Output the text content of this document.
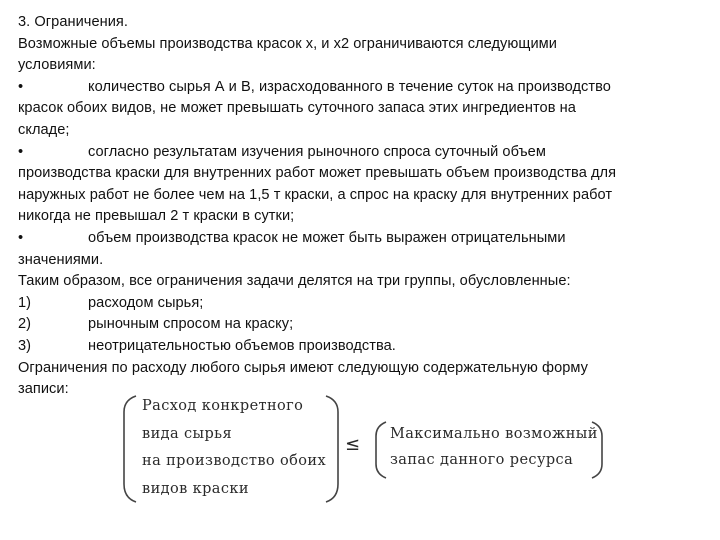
3. Ограничения.
Возможные объемы производства красок x, и x2 ограничиваются следующими
условиями:
•	количество сырья А и В, израсходованного в течение суток на производство
красок обоих видов, не может превышать суточного запаса этих ингредиентов на
складе;
•	согласно результатам изучения рыночного спроса суточный объем
производства краски для внутренних работ может превышать объем производства для
наружных работ не более чем на 1,5 т краски, а спрос на краску для внутренних работ
никогда не превышал 2 т краски в сутки;
•	объем производства красок не может быть выражен отрицательными
значениями.
Таким образом, все ограничения задачи делятся на три группы, обусловленные:
1)	расходом сырья;
2)	рыночным спросом на краску;
3)	неотрицательностью объемов производства.
Ограничения по расходу любого сырья имеют следующую содержательную форму
записи:
Расход конкретного
вида сырья
на производство обоих
видов краски
≤ Максимально возможный
запас данного ресурса
